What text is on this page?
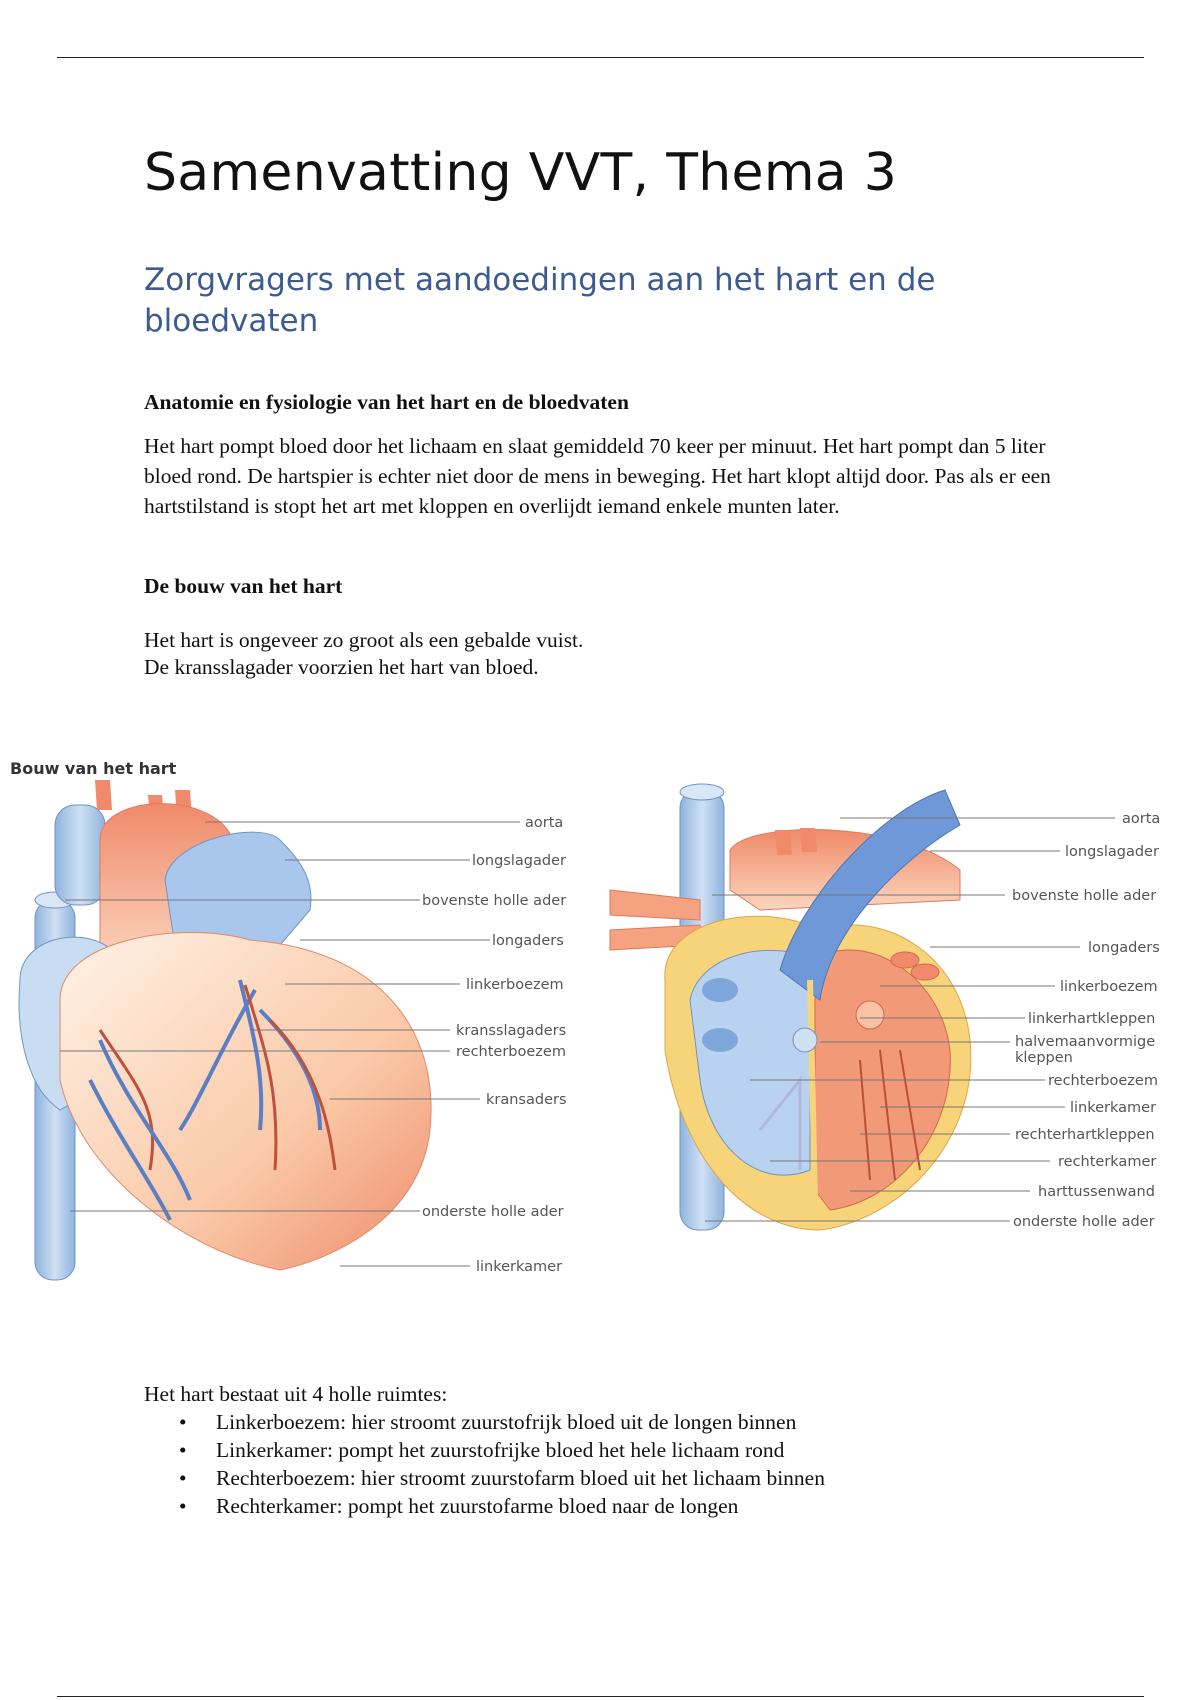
Samenvatting VVT, Thema 3
Zorgvragers met aandoedingen aan het hart en de bloedvaten

Anatomie en fysiologie van het hart en de bloedvaten

Het hart pompt bloed door het lichaam en slaat gemiddeld 70 keer per minuut. Het hart pompt dan 5 liter bloed rond. De hartspier is echter niet door de mens in beweging. Het hart klopt altijd door. Pas als er een hartstilstand is stopt het art met kloppen en overlijdt iemand enkele munten later.

De bouw van het hart

Het hart is ongeveer zo groot als een gebalde vuist.

De kransslagader voorzien het hart van bloed.

Bouw van het hart
aorta
longslagader
bovenste holle ader
longaders
linkerboezem
kransslagaders
rechterboezem
kransaders
onderste holle ader
linkerkamer
aorta
longslagader
bovenste holle ader
longaders
linkerboezem
linkerhartkleppen
halvemaanvormige
kleppen
rechterboezem
linkerkamer
rechterhartkleppen
rechterkamer
harttussenwand
onderste holle ader

Het hart bestaat uit 4 holle ruimtes:

• Linkerboezem: hier stroomt zuurstofrijk bloed uit de longen binnen
• Linkerkamer: pompt het zuurstofrijke bloed het hele lichaam rond
• Rechterboezem: hier stroomt zuurstofarm bloed uit het lichaam binnen
• Rechterkamer: pompt het zuurstofarme bloed naar de longen
